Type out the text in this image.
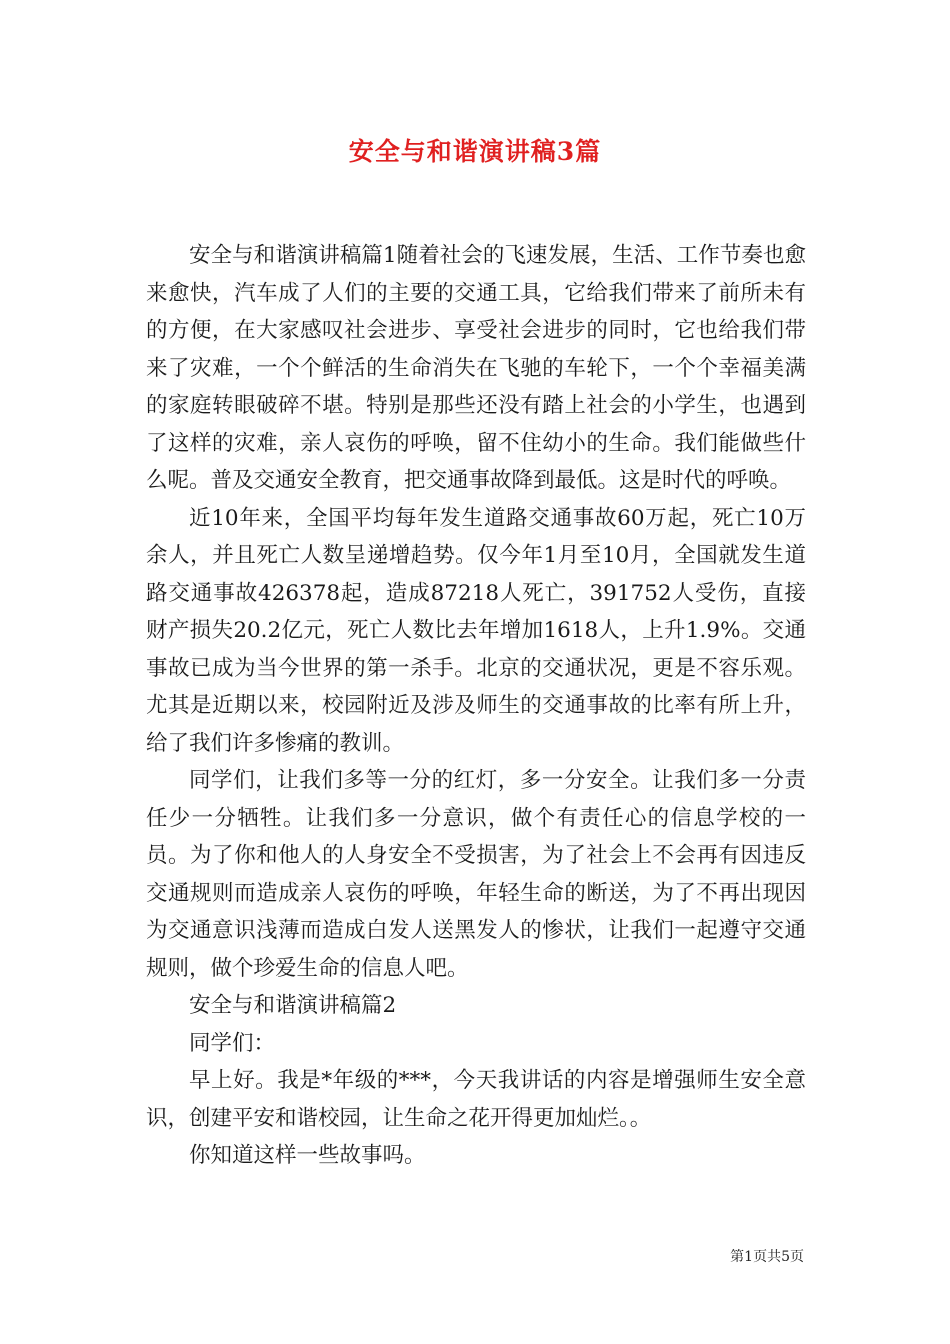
安全与和谐演讲稿3篇

安全与和谐演讲稿篇1随着社会的飞速发展，生活、工作节奏也愈来愈快，汽车成了人们的主要的交通工具，它给我们带来了前所未有的方便，在大家感叹社会进步、享受社会进步的同时，它也给我们带来了灾难，一个个鲜活的生命消失在飞驰的车轮下，一个个幸福美满的家庭转眼破碎不堪。特别是那些还没有踏上社会的小学生，也遇到了这样的灾难，亲人哀伤的呼唤，留不住幼小的生命。我们能做些什么呢。普及交通安全教育，把交通事故降到最低。这是时代的呼唤。

近10年来，全国平均每年发生道路交通事故60万起，死亡10万余人，并且死亡人数呈递增趋势。仅今年1月至10月，全国就发生道路交通事故426378起，造成87218人死亡，391752人受伤，直接财产损失20.2亿元，死亡人数比去年增加1618人，上升1.9%。交通事故已成为当今世界的第一杀手。北京的交通状况，更是不容乐观。尤其是近期以来，校园附近及涉及师生的交通事故的比率有所上升，给了我们许多惨痛的教训。

同学们，让我们多等一分的红灯，多一分安全。让我们多一分责任少一分牺牲。让我们多一分意识，做个有责任心的信息学校的一员。为了你和他人的人身安全不受损害，为了社会上不会再有因违反交通规则而造成亲人哀伤的呼唤，年轻生命的断送，为了不再出现因为交通意识浅薄而造成白发人送黑发人的惨状，让我们一起遵守交通规则，做个珍爱生命的信息人吧。

安全与和谐演讲稿篇2

同学们：

早上好。我是*年级的***，今天我讲话的内容是增强师生安全意识，创建平安和谐校园，让生命之花开得更加灿烂。。

你知道这样一些故事吗。

第1页共5页
